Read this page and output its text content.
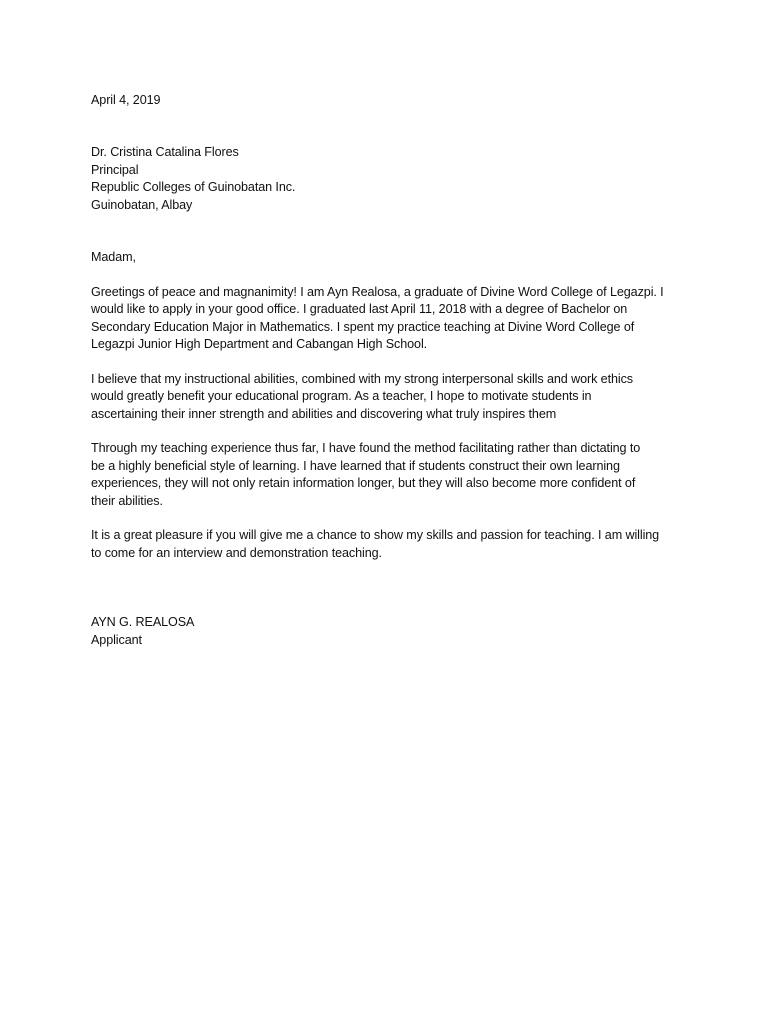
April 4, 2019
Dr. Cristina Catalina Flores
Principal
Republic Colleges of Guinobatan Inc.
Guinobatan, Albay
Madam,
Greetings of peace and magnanimity! I am Ayn Realosa, a graduate of Divine Word College of Legazpi. I
would like to apply in your good office. I graduated last April 11, 2018 with a degree of Bachelor on
Secondary Education Major in Mathematics. I spent my practice teaching at Divine Word College of
Legazpi Junior High Department and Cabangan High School.
I believe that my instructional abilities, combined with my strong interpersonal skills and work ethics
would greatly benefit your educational program. As a teacher, I hope to motivate students in
ascertaining their inner strength and abilities and discovering what truly inspires them
Through my teaching experience thus far, I have found the method facilitating rather than dictating to
be a highly beneficial style of learning. I have learned that if students construct their own learning
experiences, they will not only retain information longer, but they will also become more confident of
their abilities.
It is a great pleasure if you will give me a chance to show my skills and passion for teaching. I am willing
to come for an interview and demonstration teaching.
AYN G. REALOSA
Applicant
